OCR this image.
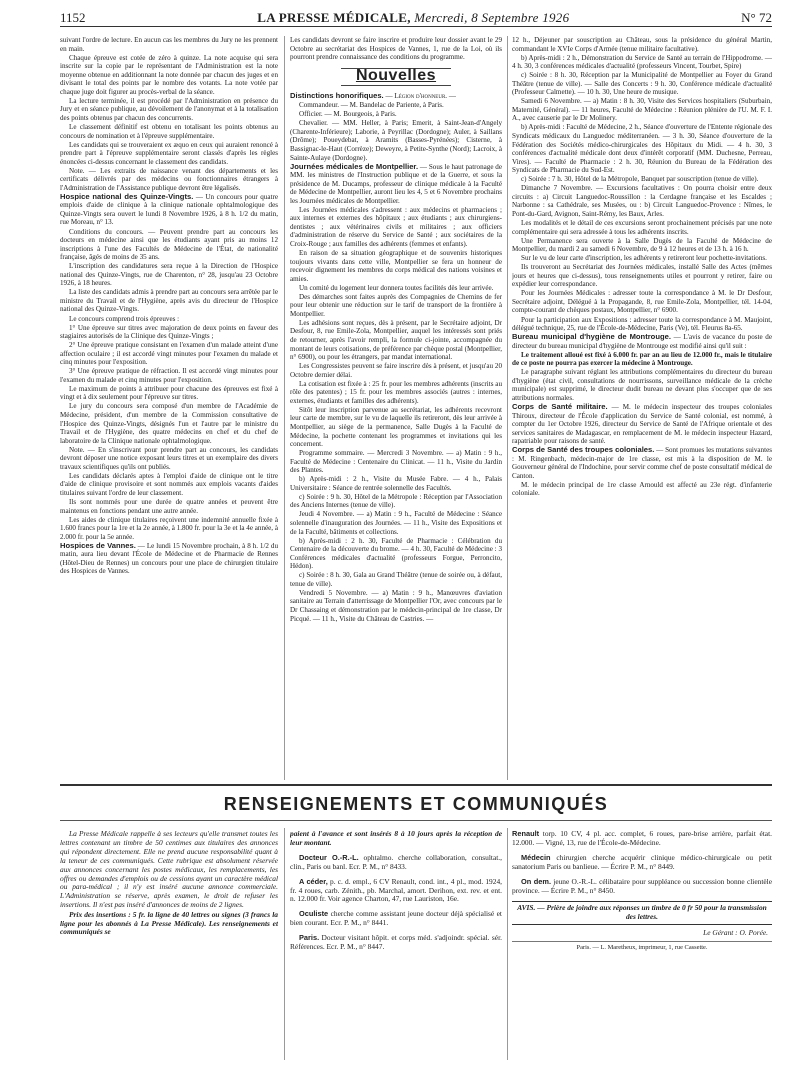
1152	LA PRESSE MÉDICALE, Mercredi, 8 Septembre 1926	N° 72

suivant l'ordre de lecture. En aucun cas les membres du Jury ne les prennent en main.

Chaque épreuve est cotée de zéro à quinze. La note acquise qui sera inscrite sur la copie par le représentant de l'Administration est la note moyenne obtenue en additionnant la note donnée par chacun des juges et en divisant le total des points par le nombre des votants. La note votée par chaque juge doit figurer au procès-verbal de la séance.

La lecture terminée, il est procédé par l'Administration en présence du Jury et en séance publique, au dévoilement de l'anonymat et à la totalisation des points obtenus par chacun des concurrents.

Le classement définitif est obtenu en totalisant les points obtenus au concours de nomination et à l'épreuve supplémentaire.

Les candidats qui se trouveraient ex æquo en ceux qui auraient renoncé à prendre part à l'épreuve supplémentaire seront classés d'après les règles énoncées ci-dessus concernant le classement des candidats.

Note. — Les extraits de naissance venant des départements et les certificats délivrés par des médecins ou fonctionnaires étrangers à l'Administration de l'Assistance publique devront être légalisés.

Hospice national des Quinze-Vingts. — Un concours pour quatre emplois d'aide de clinique à la clinique nationale ophtalmologique des Quinze-Vingts sera ouvert le lundi 8 Novembre 1926, à 8 h. 1/2 du matin, rue Moreau, n° 13.

Conditions du concours. — Peuvent prendre part au concours les docteurs en médecine ainsi que les étudiants ayant pris au moins 12 inscriptions à l'une des Facultés de Médecine de l'État, de nationalité française, âgés de moins de 35 ans.

L'inscription des candidatures sera reçue à la Direction de l'Hospice national des Quinze-Vingts, rue de Charenton, n° 28, jusqu'au 23 Octobre 1926, à 18 heures.

La liste des candidats admis à prendre part au concours sera arrêtée par le ministre du Travail et de l'Hygiène, après avis du directeur de l'Hospice national des Quinze-Vingts.

Le concours comprend trois épreuves :

1° Une épreuve sur titres avec majoration de deux points en faveur des stagiaires autorisés de la Clinique des Quinze-Vingts ;

2° Une épreuve pratique consistant en l'examen d'un malade atteint d'une affection oculaire ; il est accordé vingt minutes pour l'examen du malade et cinq minutes pour l'exposition.

3° Une épreuve pratique de réfraction. Il est accordé vingt minutes pour l'examen du malade et cinq minutes pour l'exposition.

Le maximum de points à attribuer pour chacune des épreuves est fixé à vingt et à dix seulement pour l'épreuve sur titres.

Le jury du concours sera composé d'un membre de l'Académie de Médecine, président, d'un membre de la Commission consultative de l'Hospice des Quinze-Vingts, désignés l'un et l'autre par le ministre du Travail et de l'Hygiène, des quatre médecins en chef et du chef de laboratoire de la Clinique nationale ophtalmologique.

Note. — En s'inscrivant pour prendre part au concours, les candidats devront déposer une notice exposant leurs titres et un exemplaire des divers travaux scientifiques qu'ils ont publiés.

Les candidats déclarés aptes à l'emploi d'aide de clinique ont le titre d'aide de clinique provisoire et sont nommés aux emplois vacants d'aides titulaires suivant l'ordre de leur classement.

Ils sont nommés pour une durée de quatre années et peuvent être maintenus en fonctions pendant une autre année.

Les aides de clinique titulaires reçoivent une indemnité annuelle fixée à 1.600 francs pour la 1re et la 2e année, à 1.800 fr. pour la 3e et la 4e année, à 2.000 fr. pour la 5e année.

Hospices de Vannes. — Le lundi 15 Novembre prochain, à 8 h. 1/2 du matin, aura lieu devant l'École de Médecine et de Pharmacie de Rennes (Hôtel-Dieu de Rennes) un concours pour une place de chirurgien titulaire des Hospices de Vannes.

Les candidats devront se faire inscrire et produire leur dossier avant le 29 Octobre au secrétariat des Hospices de Vannes, 1, rue de la Loi, où ils pourront prendre connaissance des conditions du programme.

Nouvelles

Distinctions honorifiques. — Légion d'honneur. —

Commandeur. — M. Bandelac de Pariente, à Paris.

Officier. — M. Bourgeois, à Paris.

Chevalier. — MM. Heller, à Paris; Emerit, à Saint-Jean-d'Angely (Charente-Inférieure); Laborie, à Peyrillac (Dordogne); Auler, à Saillans (Drôme); Poueydebat, à Aramits (Basses-Pyrénées); Cisterne, à Bassignac-le-Haut (Corrèze); Deweyre, à Petite-Synthe (Nord); Lacroix, à Sainte-Aulaye (Dordogne).

Journées médicales de Montpellier. — Sous le haut patronage de MM. les ministres de l'Instruction publique et de la Guerre, et sous la présidence de M. Ducamps, professeur de clinique médicale à la Faculté de Médecine de Montpellier, auront lieu les 4, 5 et 6 Novembre prochains les Journées médicales de Montpellier.

Les Journées médicales s'adressent : aux médecins et pharmaciens ; aux internes et externes des hôpitaux ; aux étudiants ; aux chirurgiens-dentistes ; aux vétérinaires civils et militaires ; aux officiers d'administration de réserve du Service de Santé ; aux sociétaires de la Croix-Rouge ; aux familles des adhérents (femmes et enfants).

En raison de sa situation géographique et de souvenirs historiques toujours vivants dans cette ville, Montpellier se fera un honneur de recevoir dignement les membres du corps médical des nations voisines et amies.

Un comité du logement leur donnera toutes facilités dès leur arrivée.

Des démarches sont faites auprès des Compagnies de Chemins de fer pour leur obtenir une réduction sur le tarif de transport de la frontière à Montpellier.

Les adhésions sont reçues, dès à présent, par le Secrétaire adjoint, Dr Desfour, 8, rue Emile-Zola, Montpellier, auquel les intéressés sont priés de retourner, après l'avoir rempli, la formule ci-jointe, accompagnée du montant de leurs cotisations, de préférence par chèque postal (Montpellier, n° 6900), ou pour les étrangers, par mandat international.

Les Congressistes peuvent se faire inscrire dès à présent, et jusqu'au 20 Octobre dernier délai.

La cotisation est fixée à : 25 fr. pour les membres adhérents (inscrits au rôle des patentes) ; 15 fr. pour les membres associés (autres : internes, externes, étudiants et familles des adhérents).

Sitôt leur inscription parvenue au secrétariat, les adhérents recevront leur carte de membre, sur le vu de laquelle ils retireront, dès leur arrivée à Montpellier, au siège de la permanence, Salle Dugès à la Faculté de Médecine, la pochette contenant les programmes et invitations qui les concernent.

Programme sommaire. — Mercredi 3 Novembre. — a) Matin : 9 h., Faculté de Médecine : Centenaire du Clinicat. — 11 h., Visite du Jardin des Plantes.

b) Après-midi : 2 h., Visite du Musée Fabre. — 4 h., Palais Universitaire : Séance de rentrée solennelle des Facultés.

c) Soirée : 9 h. 30, Hôtel de la Métropole : Réception par l'Association des Anciens Internes (tenue de ville).

Jeudi 4 Novembre. — a) Matin : 9 h., Faculté de Médecine : Séance solennelle d'inauguration des Journées. — 11 h., Visite des Expositions et de la Faculté, bâtiments et collections.

b) Après-midi : 2 h. 30, Faculté de Pharmacie : Célébration du Centenaire de la découverte du brome. — 4 h. 30, Faculté de Médecine : 3 Conférences médicales d'actualité (professeurs Forgue, Perroncito, Hédon).

c) Soirée : 8 h. 30, Gala au Grand Théâtre (tenue de soirée ou, à défaut, tenue de ville).

Vendredi 5 Novembre. — a) Matin : 9 h., Manœuvres d'aviation sanitaire au Terrain d'atterrissage de Montpellier l'Or, avec concours par le Dr Chassaing et démonstration par le médecin-principal de 1re classe, Dr Picqué. — 11 h., Visite du Château de Castries. —

12 h., Déjeuner par souscription au Château, sous la présidence du général Martin, commandant le XVIe Corps d'Armée (tenue militaire facultative).

b) Après-midi : 2 h., Démonstration du Service de Santé au terrain de l'Hippodrome. — 4 h. 30, 3 conférences médicales d'actualité (professeurs Vincent, Tourbet, Spire)

c) Soirée : 8 h. 30, Réception par la Municipalité de Montpellier au Foyer du Grand Théâtre (tenue de ville). — Salle des Concerts : 9 h. 30, Conférence médicale d'actualité (Professeur Calmette). — 10 h. 30, Une heure de musique.

Samedi 6 Novembre. — a) Matin : 8 h. 30, Visite des Services hospitaliers (Suburbain, Maternité, Général). — 11 heures, Faculté de Médecine : Réunion plénière de l'U. M. F. I. A., avec causerie par le Dr Molinery.

b) Après-midi : Faculté de Médecine, 2 h., Séance d'ouverture de l'Entente régionale des Syndicats médicaux du Languedoc méditerranéen. — 3 h. 30, Séance d'ouverture de la Fédération des Sociétés médico-chirurgicales des Hôpitaux du Midi. — 4 h. 30, 3 conférences d'actualité médicale dont deux d'intérêt corporatif (MM. Duchesne, Perreau, Vires). — Faculté de Pharmacie : 2 h. 30, Réunion du Bureau de la Fédération des Syndicats de Pharmacie du Sud-Est.

c) Soirée : 7 h. 30, Hôtel de la Métropole, Banquet par souscription (tenue de ville).

Dimanche 7 Novembre. — Excursions facultatives : On pourra choisir entre deux circuits : a) Circuit Languedoc-Roussillon : la Cerdagne française et les Escaldes ; Narbonne : sa Cathédrale, ses Musées, ou : b) Circuit Languedoc-Provence : Nîmes, le Pont-du-Gard, Avignon, Saint-Rémy, les Baux, Arles.

Les modalités et le détail de ces excursions seront prochainement précisés par une note complémentaire qui sera adressée à tous les adhérents inscrits.

Une Permanence sera ouverte à la Salle Dugès de la Faculté de Médecine de Montpellier, du mardi 2 au samedi 6 Novembre, de 9 à 12 heures et de 13 h. à 16 h.

Sur le vu de leur carte d'inscription, les adhérents y retireront leur pochette-invitations.

Ils trouveront au Secrétariat des Journées médicales, installé Salle des Actes (mêmes jours et heures que ci-dessus), tous renseignements utiles et pourront y retirer, faire ou expédier leur correspondance.

Pour les Journées Médicales : adresser toute la correspondance à M. le Dr Desfour, Secrétaire adjoint, Délégué à la Propagande, 8, rue Emile-Zola, Montpellier, tél. 14-04, compte-courant de chèques postaux, Montpellier, n° 6900.

Pour la participation aux Expositions : adresser toute la correspondance à M. Maujoint, délégué technique, 25, rue de l'École-de-Médecine, Paris (Ve), tél. Fleurus 8a-65.

Bureau municipal d'hygiène de Montrouge. — L'avis de vacance du poste de directeur du bureau municipal d'hygiène de Montrouge est modifié ainsi qu'il suit :

Le traitement alloué est fixé à 6.000 fr. par an au lieu de 12.000 fr., mais le titulaire de ce poste ne pourra pas exercer la médecine à Montrouge.

Le paragraphe suivant réglant les attributions complémentaires du directeur du bureau d'hygiène (état civil, consultations de nourrissons, surveillance médicale de la crèche municipale) est supprimé, le directeur dudit bureau ne devant plus s'occuper que de ses attributions normales.

Corps de Santé militaire. — M. le médecin inspecteur des troupes coloniales Thiroux, directeur de l'École d'application du Service de Santé colonial, est nommé, à compter du 1er Octobre 1926, directeur du Service de Santé de l'Afrique orientale et des services sanitaires de Madagascar, en remplacement de M. le médecin inspecteur Hazard, rapatriable pour raisons de santé.

Corps de Santé des troupes coloniales. — Sont promues les mutations suivantes : M. Ringenbach, médecin-major de 1re classe, est mis à la disposition de M. le Gouverneur général de l'Indochine, pour servir comme chef de poste consultatif médical de Canton.

M. le médecin principal de 1re classe Arnould est affecté au 23e régt. d'infanterie coloniale.

RENSEIGNEMENTS ET COMMUNIQUÉS

La Presse Médicale rappelle à ses lecteurs qu'elle transmet toutes les lettres contenant un timbre de 50 centimes aux titulaires des annonces qui répondent directement. Elle ne prend aucune responsabilité quant à la teneur de ces communiqués. Cette rubrique est absolument réservée aux annonces concernant les postes médicaux, les remplacements, les offres ou demandes d'emplois ou de cessions ayant un caractère médical ou para-médical ; il n'y est inséré aucune annonce commerciale. L'Administration se réserve, après examen, le droit de refuser les insertions. Il n'est pas inséré d'annonces de moins de 2 lignes.

Prix des insertions : 5 fr. la ligne de 40 lettres ou signes (3 francs la ligne pour les abonnés à La Presse Médicale). Les renseignements et communiqués se

paient à l'avance et sont insérés 8 à 10 jours après la réception de leur montant.

Docteur O.-R.-L. ophtalmo. cherche collaboration, consultat., clin., Paris ou banl. Ecr. P. M., n° 8433.

A céder, p. c. d. empl., 6 CV Renault, cond. int., 4 pl., mod. 1924, fr. 4 roues, carb. Zénith., pb. Marchal, amort. Derihon, ext. rev. et ent. n. 12.000 fr. Voir agence Charton, 47, rue Lauriston, 16e.

Oculiste cherche comme assistant jeune docteur déjà spécialisé et bien courant. Ecr. P. M., n° 8441.

Paris. Docteur visitant hôpit. et corps méd. s'adjoindr. spécial. sér. Références. Ecr. P. M., n° 8447.

Renault torp. 10 CV, 4 pl. acc. complet, 6 roues, pare-brise arrière, parfait état. 12.000. — Vigné, 13, rue de l'École-de-Médecine.

Médecin chirurgien cherche acquérir clinique médico-chirurgicale ou petit sanatorium Paris ou banlieue. — Écrire P. M., n° 8449.

On dem. jeune O.-R.-L. célibataire pour suppléance ou succession bonne clientèle province. — Écrire P. M., n° 8450.

AVIS. — Prière de joindre aux réponses un timbre de 0 fr 50 pour la transmission des lettres.
Le Gérant : O. Porée.
Paris. — L. Maretheux, imprimeur, 1, rue Cassette.
